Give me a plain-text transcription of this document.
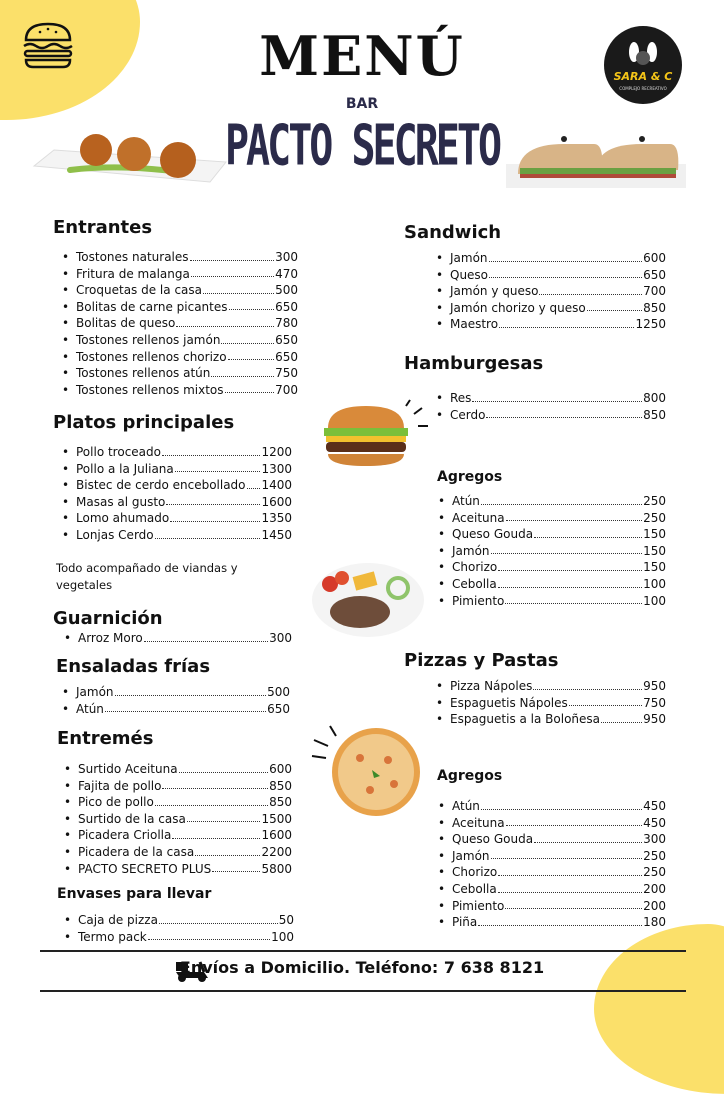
MENÚ
BAR
PACTO SECRETO
SARA & C
COMPLEJO RECREATIVO
Entrantes
• Tostones naturales	300
• Fritura de malanga	470
• Croquetas de la casa	500
• Bolitas de carne picantes	650
• Bolitas de queso	780
• Tostones rellenos jamón	650
• Tostones rellenos chorizo	650
• Tostones rellenos atún	750
• Tostones rellenos mixtos	700
Platos principales
• Pollo troceado	1200
• Pollo a la Juliana	1300
• Bistec de cerdo encebollado 1400
• Masas al gusto	1600
• Lomo ahumado	1350
• Lonjas Cerdo	1450
Todo acompañado de viandas y vegetales
Guarnición
• Arroz Moro	300
Ensaladas frías
• Jamón	500
• Atún	650
Entremés
• Surtido Aceituna	600
• Fajita de pollo	850
• Pico de pollo	850
• Surtido de la casa	1500
• Picadera Criolla	1600
• Picadera de la casa	2200
• PACTO SECRETO PLUS	5800
Envases para llevar
• Caja de pizza	50
• Termo pack	100
Sandwich
• Jamón	600
• Queso	650
• Jamón y queso	700
• Jamón chorizo y queso	850
• Maestro	1250
Hamburgesas
• Res	800
• Cerdo	850
Agregos
• Atún	250
• Aceituna	250
• Queso Gouda	150
• Jamón	150
• Chorizo	150
• Cebolla	100
• Pimiento	100
Pizzas y Pastas
• Pizza Nápoles	950
• Espaguetis Nápoles	750
• Espaguetis a la Boloñesa	950
Agregos
• Atún	450
• Aceituna	450
• Queso Gouda	300
• Jamón	250
• Chorizo	250
• Cebolla	200
• Pimiento	200
• Piña	180
Envíos a Domicilio. Teléfono: 7 638 8121
